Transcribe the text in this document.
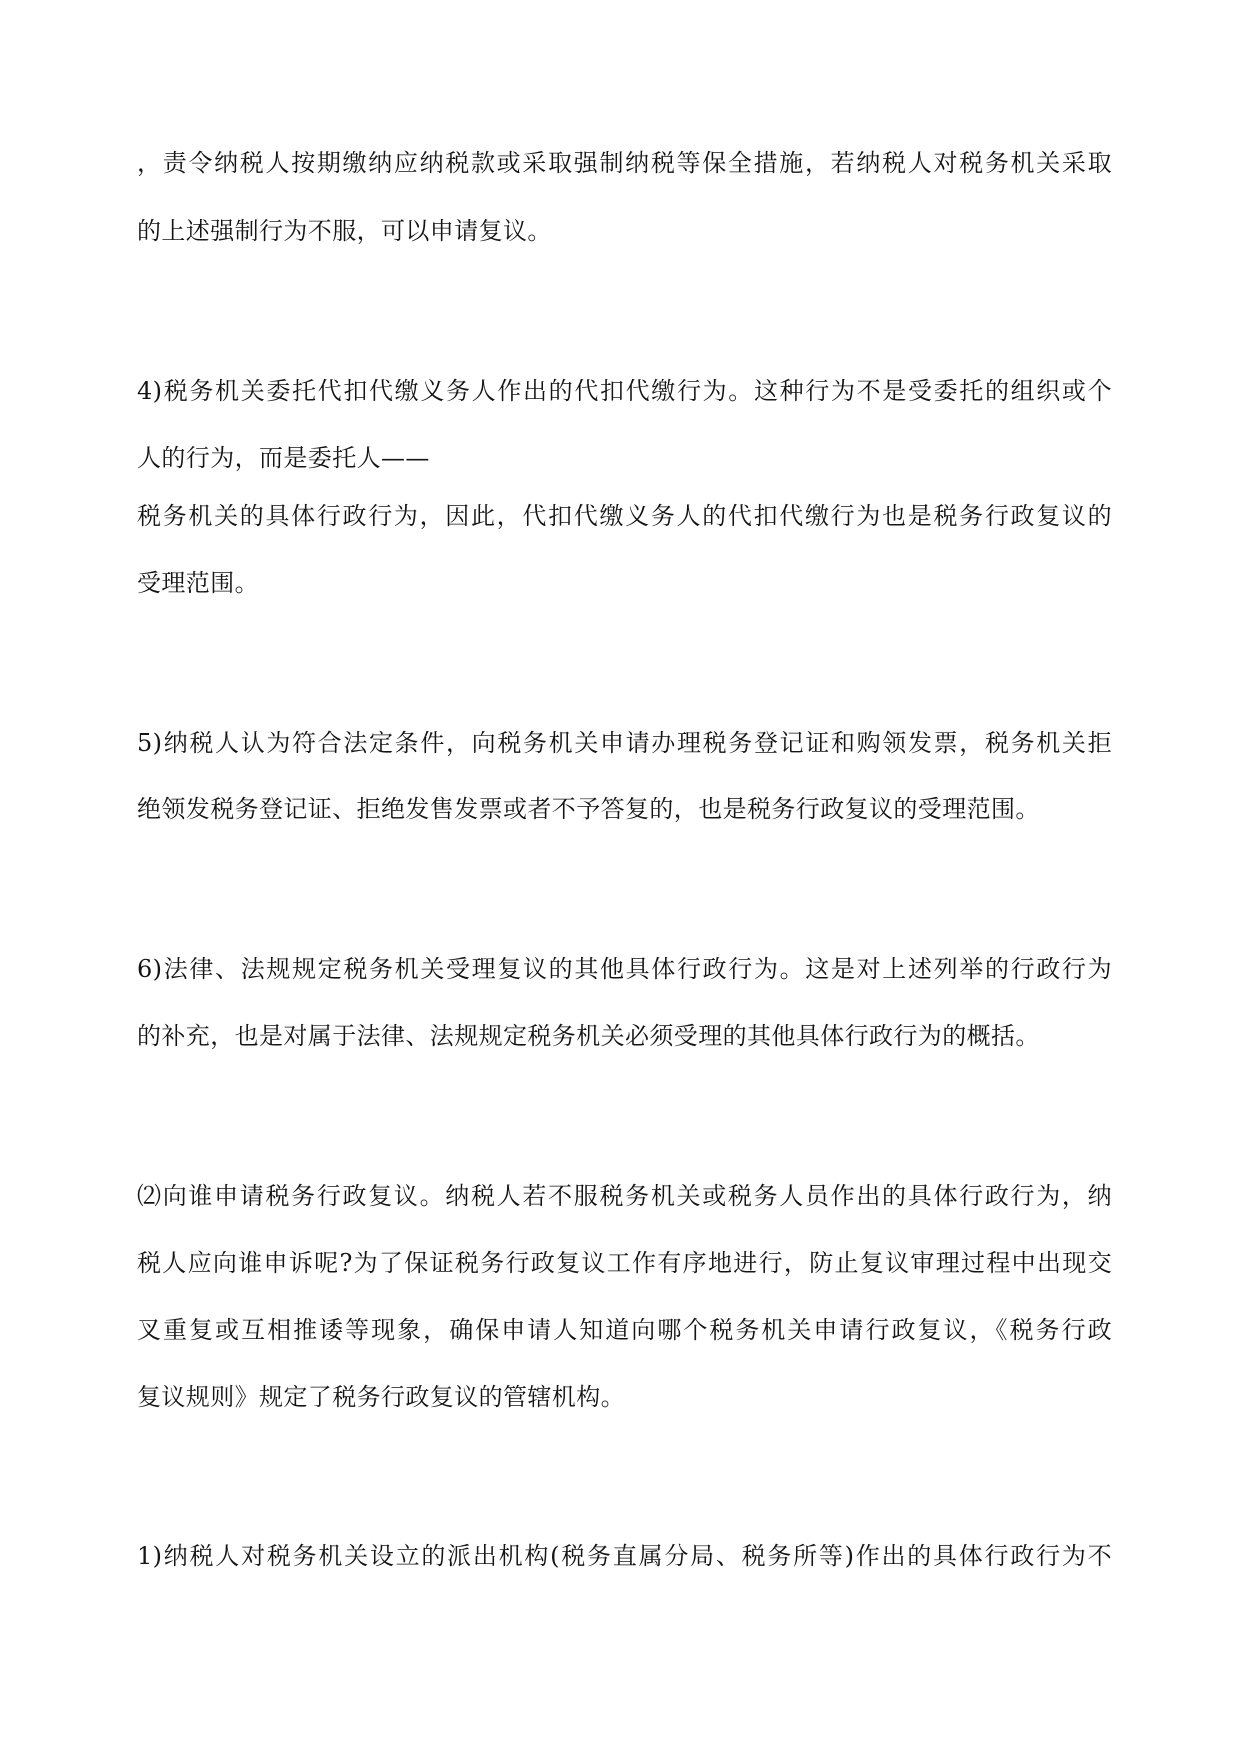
，责令纳税人按期缴纳应纳税款或采取强制纳税等保全措施，若纳税人对税务机关采取
的上述强制行为不服，可以申请复议。
4)税务机关委托代扣代缴义务人作出的代扣代缴行为。这种行为不是受委托的组织或个
人的行为，而是委托人——
税务机关的具体行政行为，因此，代扣代缴义务人的代扣代缴行为也是税务行政复议的
受理范围。
5)纳税人认为符合法定条件，向税务机关申请办理税务登记证和购领发票，税务机关拒
绝领发税务登记证、拒绝发售发票或者不予答复的，也是税务行政复议的受理范围。
6)法律、法规规定税务机关受理复议的其他具体行政行为。这是对上述列举的行政行为
的补充，也是对属于法律、法规规定税务机关必须受理的其他具体行政行为的概括。
⑵向谁申请税务行政复议。纳税人若不服税务机关或税务人员作出的具体行政行为，纳
税人应向谁申诉呢?为了保证税务行政复议工作有序地进行，防止复议审理过程中出现交
叉重复或互相推诿等现象，确保申请人知道向哪个税务机关申请行政复议，《税务行政
复议规则》规定了税务行政复议的管辖机构。
1)纳税人对税务机关设立的派出机构(税务直属分局、税务所等)作出的具体行政行为不
